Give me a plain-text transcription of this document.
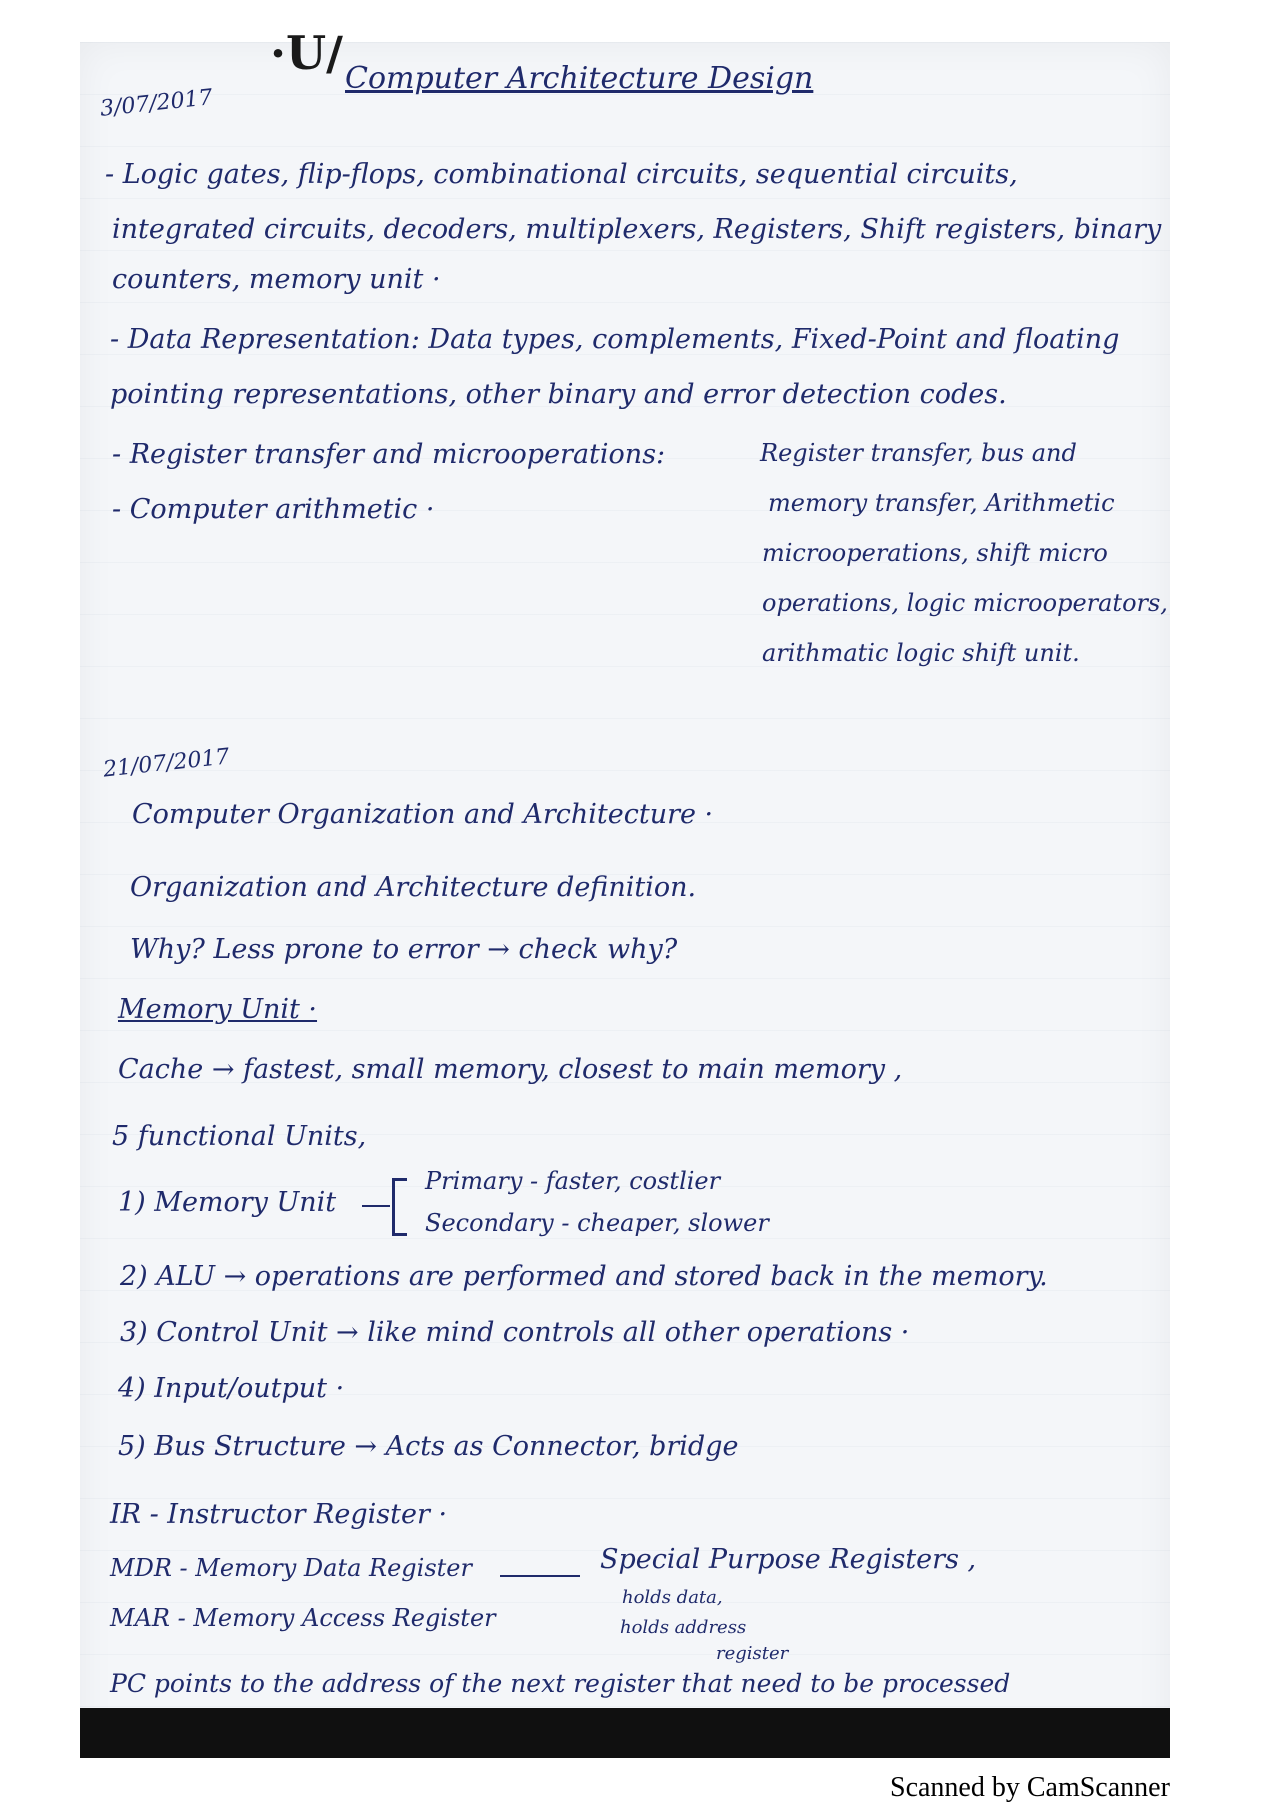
·U/ Computer Architecture Design
3/07/2017
- Logic gates, flip-flops, combinational circuits, sequential circuits,
integrated circuits, decoders, multiplexers, Registers, Shift registers, binary
counters, memory unit ·
- Data Representation: Data types, complements, Fixed-Point and floating
pointing representations, other binary and error detection codes.
- Register transfer and microoperations:
- Computer arithmetic ·
Register transfer, bus and
memory transfer, Arithmetic
microoperations, shift micro
operations, logic microoperators,
arithmatic logic shift unit.
21/07/2017
Computer Organization and Architecture ·
Organization and Architecture definition.
Why? Less prone to error → check why?
Memory Unit ·
Cache → fastest, small memory, closest to main memory ,
5 functional Units,
1) Memory Unit
Primary - faster, costlier
Secondary - cheaper, slower
2) ALU → operations are performed and stored back in the memory.
3) Control Unit → like mind controls all other operations ·
4) Input/output ·
5) Bus Structure → Acts as Connector, bridge
IR - Instructor Register ·
MDR - Memory Data Register
MAR - Memory Access Register
Special Purpose Registers ,
holds data,
holds address
register
PC points to the address of the next register that need to be processed
Scanned by CamScanner
